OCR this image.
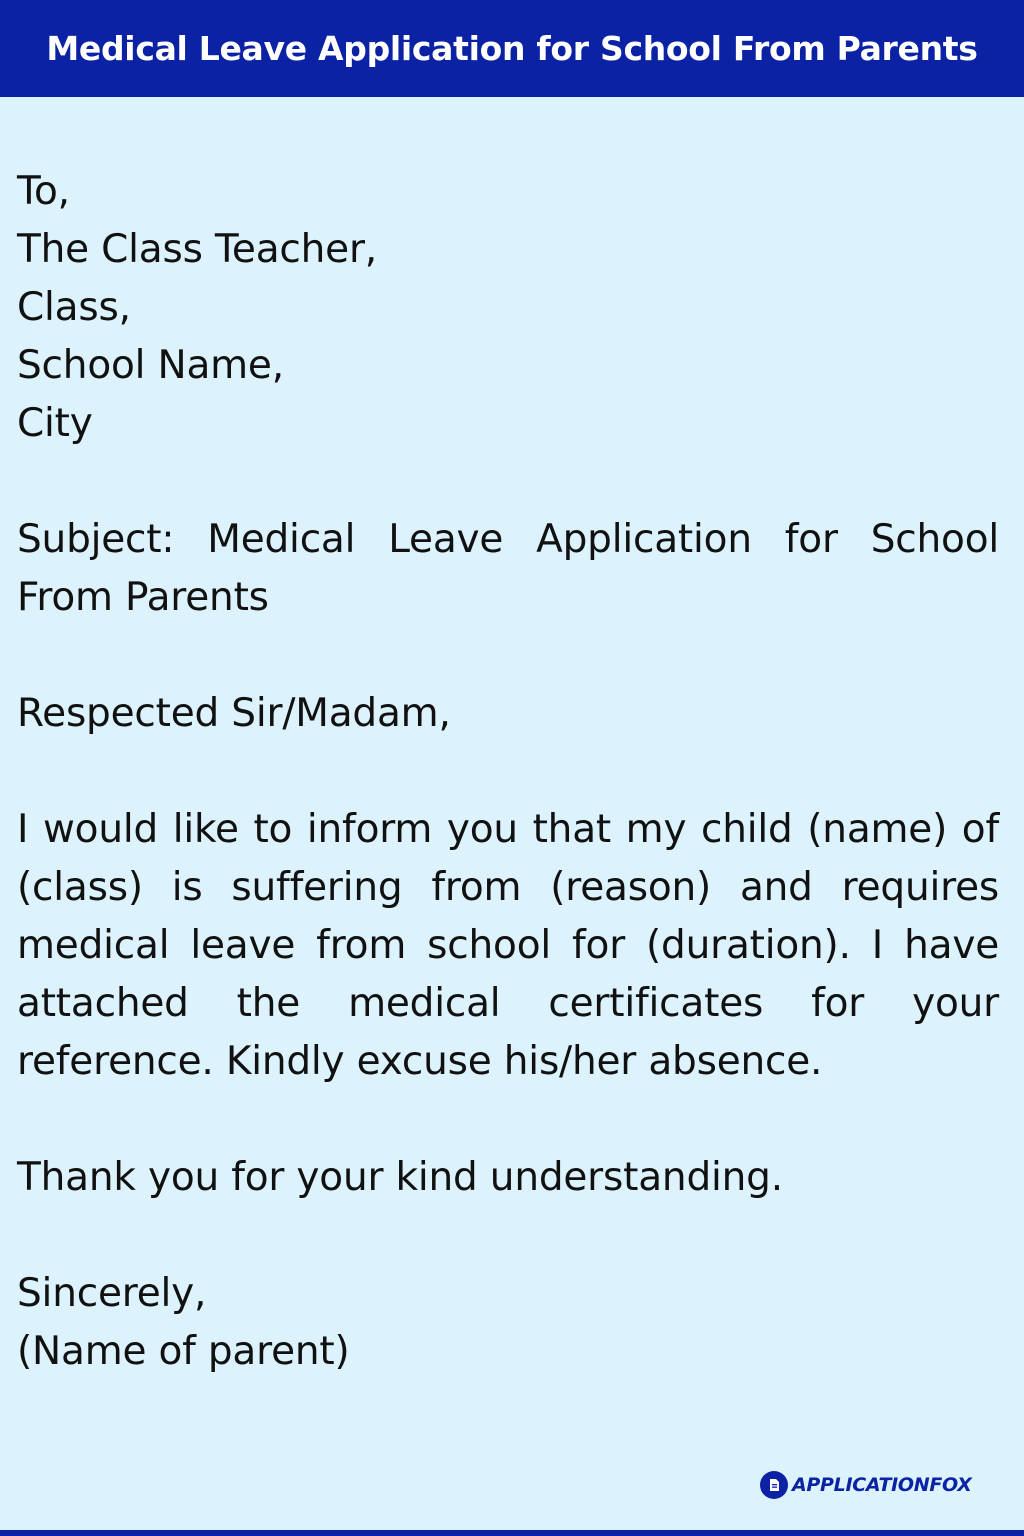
Medical Leave Application for School From Parents
To,
The Class Teacher,
Class,
School Name,
City
Subject: Medical Leave Application for School From Parents
Respected Sir/Madam,
I would like to inform you that my child (name) of (class) is suffering from (reason) and requires medical leave from school for (duration). I have attached the medical certificates for your reference. Kindly excuse his/her absence.
Thank you for your kind understanding.
Sincerely,
(Name of parent)
APPLICATIONFOX
